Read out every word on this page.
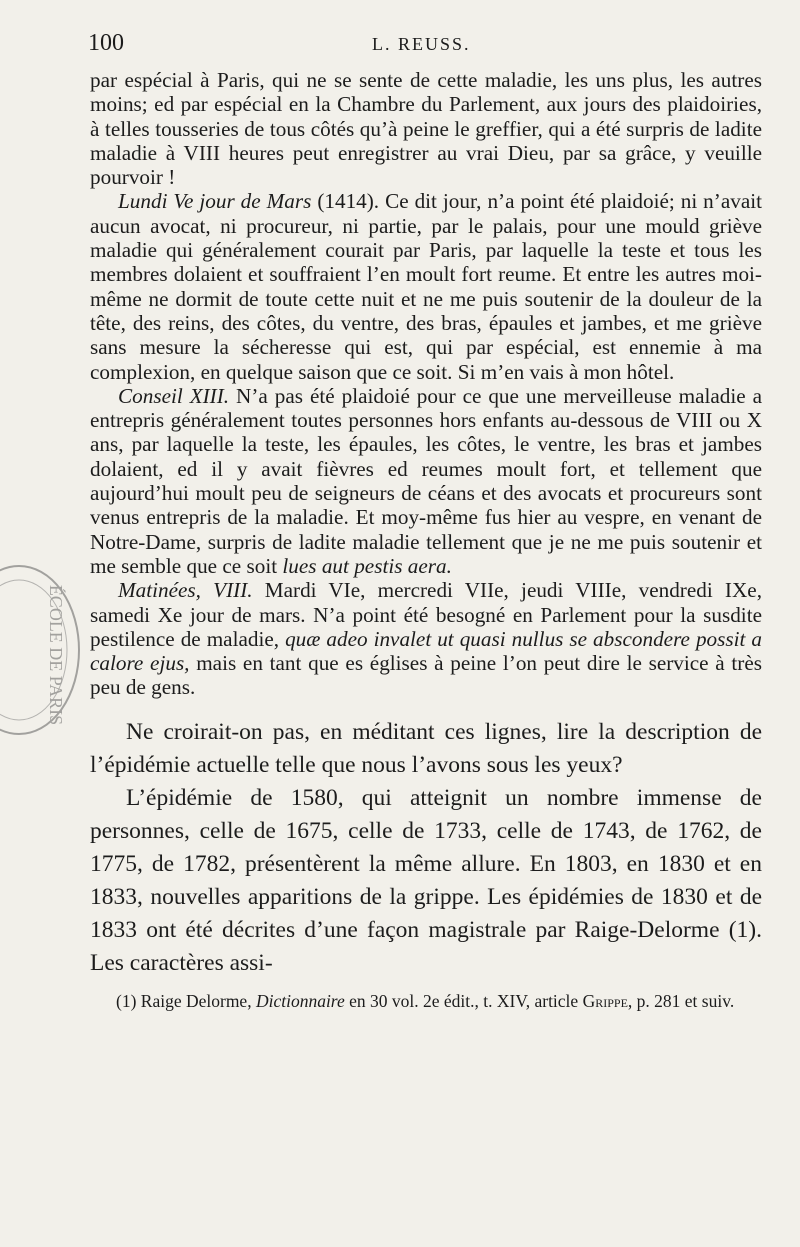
100	L. REUSS.
ÉCOLE DE PARIS

par espécial à Paris, qui ne se sente de cette maladie, les uns plus, les autres moins; ed par espécial en la Chambre du Parlement, aux jours des plaidoiries, à telles tousseries de tous côtés qu’à peine le greffier, qui a été surpris de ladite maladie à VIII heures peut enregistrer au vrai Dieu, par sa grâce, y veuille pourvoir !

Lundi Ve jour de Mars (1414). Ce dit jour, n’a point été plaidoié; ni n’avait aucun avocat, ni procureur, ni partie, par le palais, pour une mould griève maladie qui généralement courait par Paris, par laquelle la teste et tous les membres dolaient et souffraient l’en moult fort reume. Et entre les autres moi-même ne dormit de toute cette nuit et ne me puis soutenir de la douleur de la tête, des reins, des côtes, du ventre, des bras, épaules et jambes, et me griève sans mesure la sécheresse qui est, qui par espécial, est ennemie à ma complexion, en quelque saison que ce soit. Si m’en vais à mon hôtel.

Conseil XIII. N’a pas été plaidoié pour ce que une merveilleuse maladie a entrepris généralement toutes personnes hors enfants au-dessous de VIII ou X ans, par laquelle la teste, les épaules, les côtes, le ventre, les bras et jambes dolaient, ed il y avait fièvres ed reumes moult fort, et tellement que aujourd’hui moult peu de seigneurs de céans et des avocats et procureurs sont venus entrepris de la maladie. Et moy-même fus hier au vespre, en venant de Notre-Dame, surpris de ladite maladie tellement que je ne me puis soutenir et me semble que ce soit lues aut pestis aera.

Matinées, VIII. Mardi VIe, mercredi VIIe, jeudi VIIIe, vendredi IXe, samedi Xe jour de mars. N’a point été besogné en Parlement pour la susdite pestilence de maladie, quæ adeo invalet ut quasi nullus se abscondere possit a calore ejus, mais en tant que es églises à peine l’on peut dire le service à très peu de gens.

Ne croirait-on pas, en méditant ces lignes, lire la description de l’épidémie actuelle telle que nous l’avons sous les yeux?

L’épidémie de 1580, qui atteignit un nombre immense de personnes, celle de 1675, celle de 1733, celle de 1743, de 1762, de 1775, de 1782, présentèrent la même allure. En 1803, en 1830 et en 1833, nouvelles apparitions de la grippe. Les épidémies de 1830 et de 1833 ont été décrites d’une façon magistrale par Raige-Delorme (1). Les caractères assi-

(1) Raige Delorme, Dictionnaire en 30 vol. 2e édit., t. XIV, article Grippe, p. 281 et suiv.
